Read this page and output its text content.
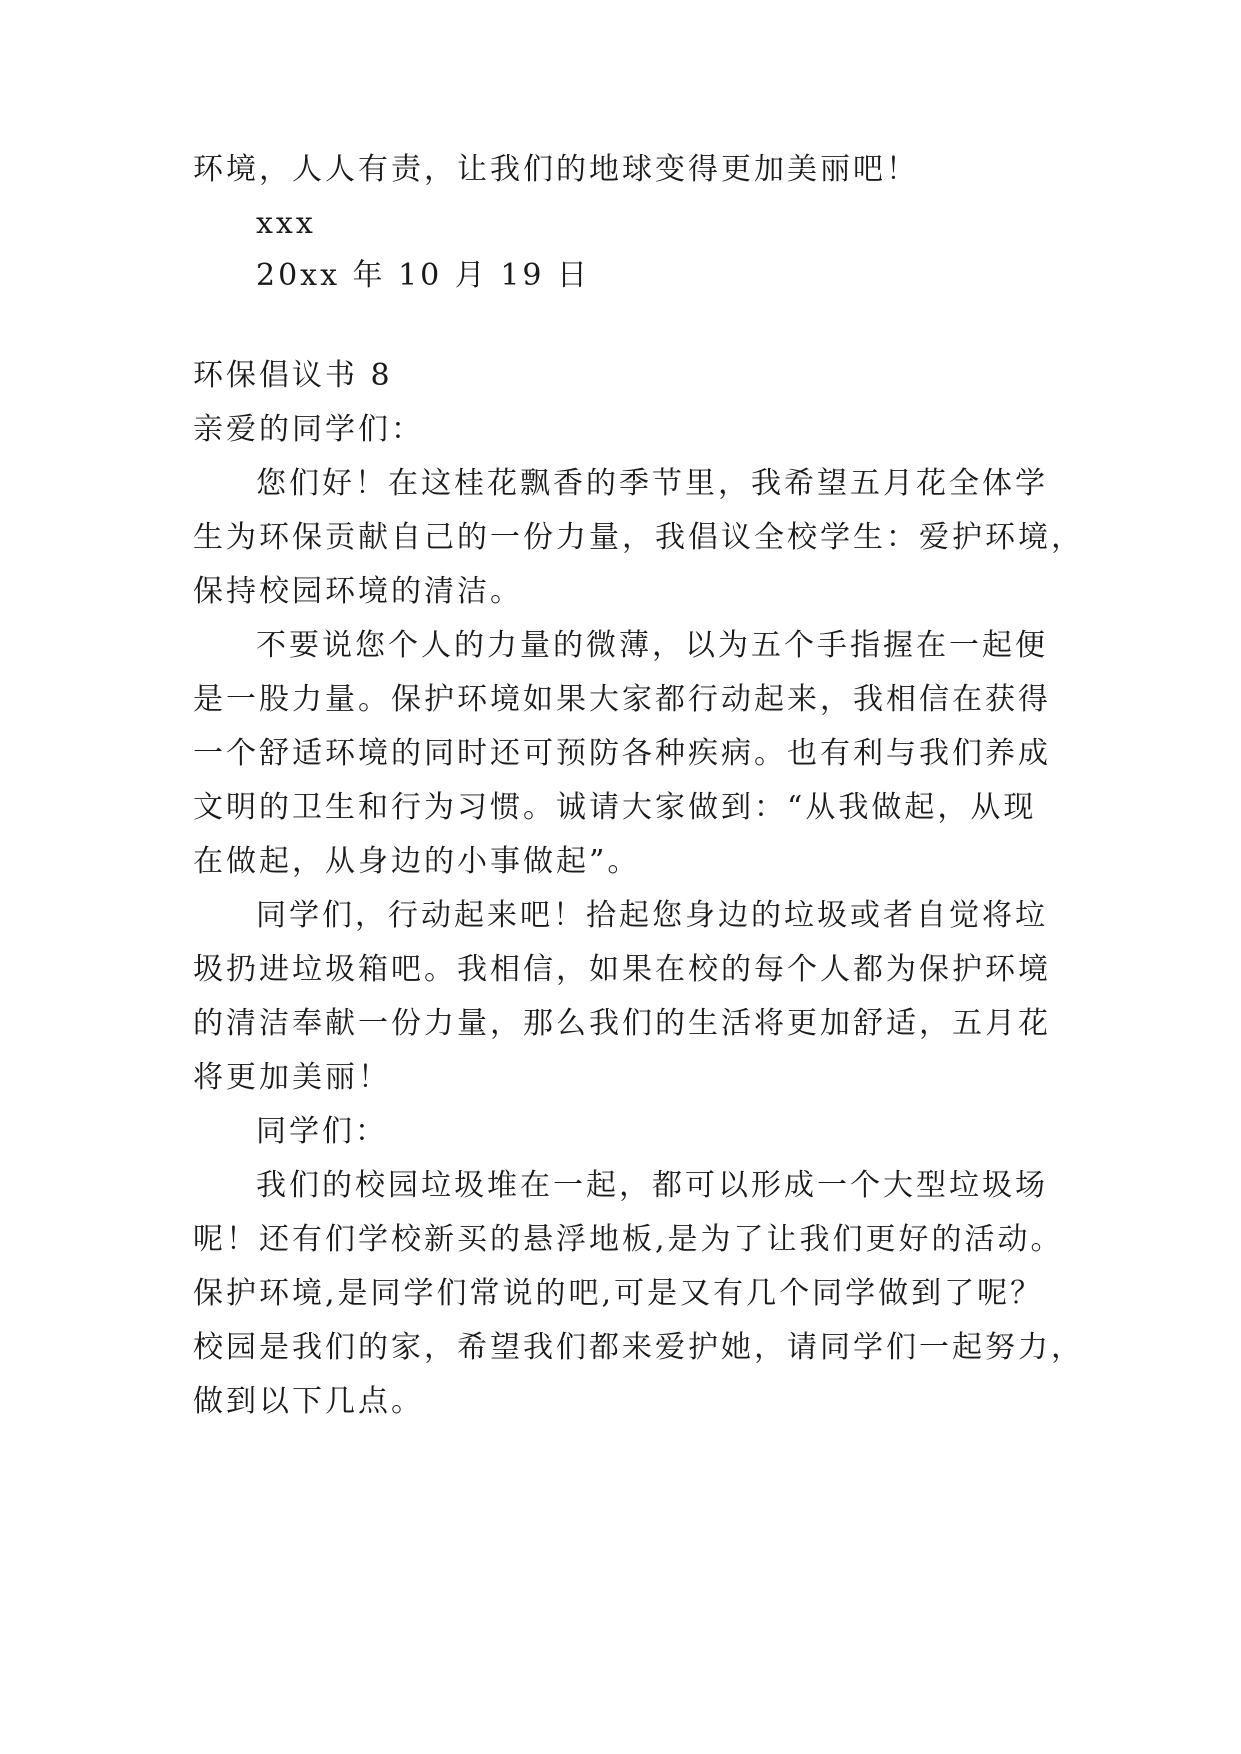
环境，人人有责，让我们的地球变得更加美丽吧！
xxx
20xx 年 10 月 19 日
环保倡议书 8
亲爱的同学们：
您们好！在这桂花飘香的季节里，我希望五月花全体学
生为环保贡献自己的一份力量，我倡议全校学生：爱护环境，
保持校园环境的清洁。
不要说您个人的力量的微薄，以为五个手指握在一起便
是一股力量。保护环境如果大家都行动起来，我相信在获得
一个舒适环境的同时还可预防各种疾病。也有利与我们养成
文明的卫生和行为习惯。诚请大家做到：“从我做起，从现
在做起，从身边的小事做起”。
同学们，行动起来吧！拾起您身边的垃圾或者自觉将垃
圾扔进垃圾箱吧。我相信，如果在校的每个人都为保护环境
的清洁奉献一份力量，那么我们的生活将更加舒适，五月花
将更加美丽！
同学们：
我们的校园垃圾堆在一起，都可以形成一个大型垃圾场
呢！还有们学校新买的悬浮地板,是为了让我们更好的活动。
保护环境,是同学们常说的吧,可是又有几个同学做到了呢？
校园是我们的家，希望我们都来爱护她，请同学们一起努力，
做到以下几点。
